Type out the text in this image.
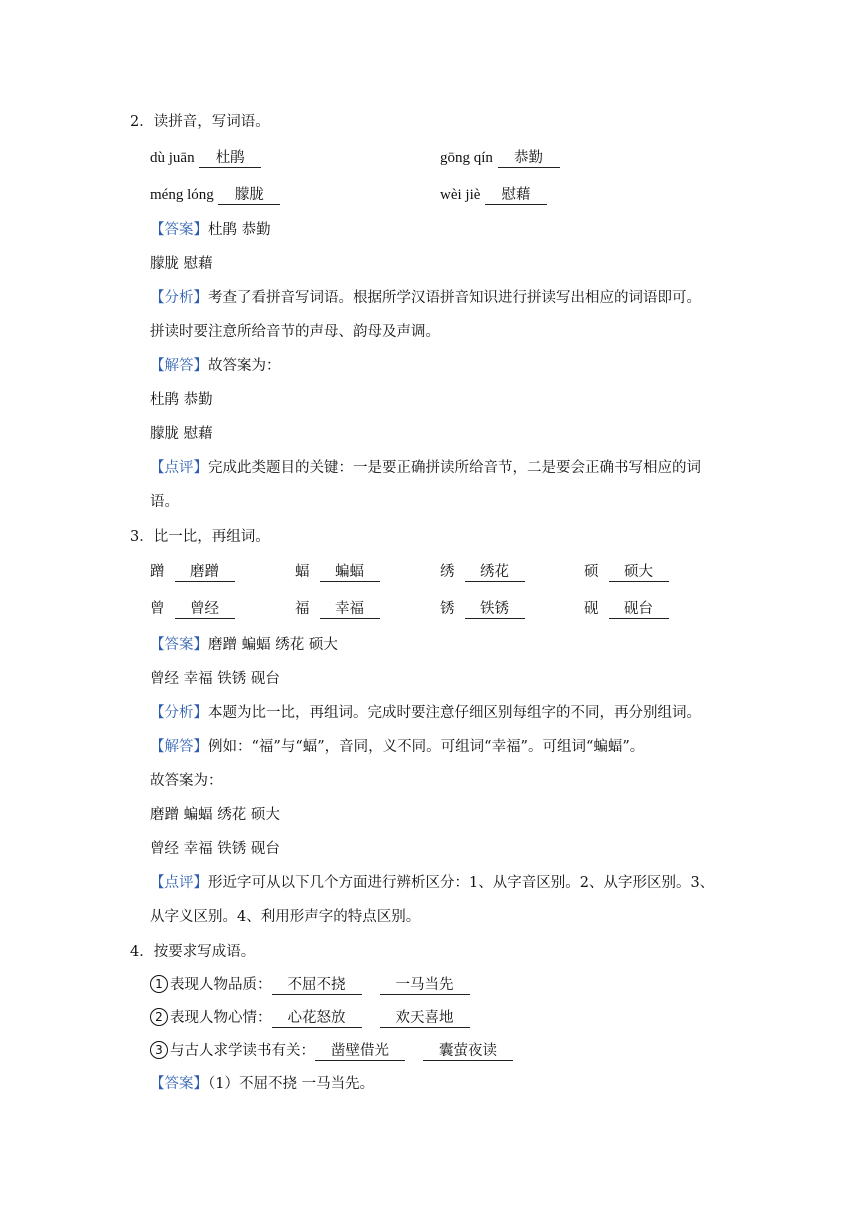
2．读拼音，写词语。
dù juān 杜鹃	gōng qín 恭勤
méng lóng 朦胧	wèi jiè 慰藉
【答案】杜鹃 恭勤
朦胧 慰藉
【分析】考查了看拼音写词语。根据所学汉语拼音知识进行拼读写出相应的词语即可。
拼读时要注意所给音节的声母、韵母及声调。
【解答】故答案为：
杜鹃 恭勤
朦胧 慰藉
【点评】完成此类题目的关键：一是要正确拼读所给音节，二是要会正确书写相应的词
语。
3．比一比，再组词。
蹭 磨蹭	蝠 蝙蝠	绣 绣花	硕 硕大
曾 曾经	福 幸福	锈 铁锈	砚 砚台
【答案】磨蹭 蝙蝠 绣花 硕大
曾经 幸福 铁锈 砚台
【分析】本题为比一比，再组词。完成时要注意仔细区别每组字的不同，再分别组词。
【解答】例如：“福”与“蝠”，音同，义不同。可组词“幸福”。可组词“蝙蝠”。
故答案为：
磨蹭 蝙蝠 绣花 硕大
曾经 幸福 铁锈 砚台
【点评】形近字可从以下几个方面进行辨析区分：1、从字音区别。2、从字形区别。3、
从字义区别。4、利用形声字的特点区别。
4．按要求写成语。
1 表现人物品质： 不屈不挠	一马当先
2 表现人物心情： 心花怒放	欢天喜地
3 与古人求学读书有关： 凿壁借光	囊萤夜读
【答案】（1）不屈不挠 一马当先。
